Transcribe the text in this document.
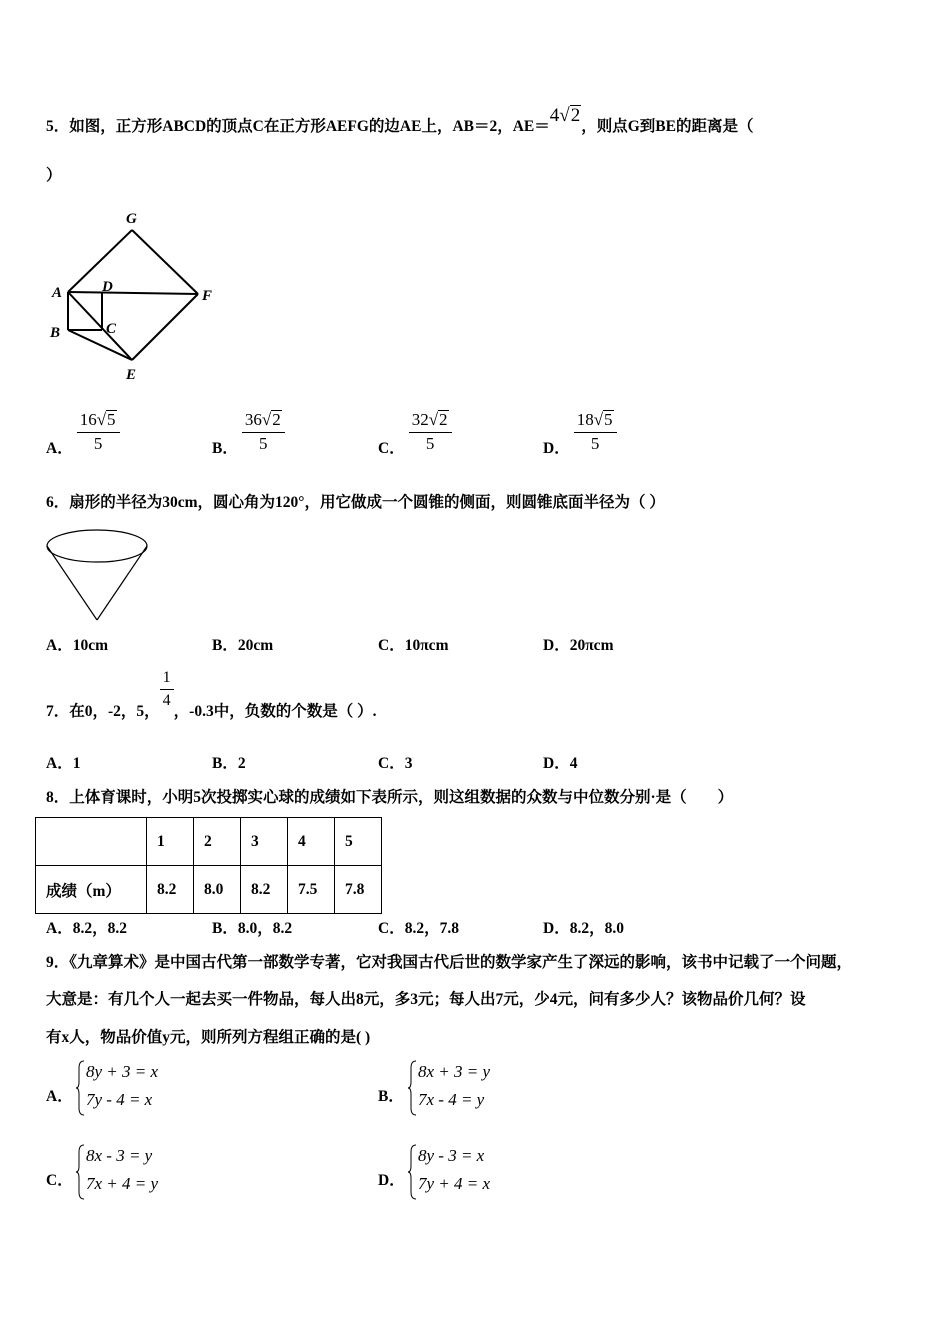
5．如图，正方形ABCD的顶点C在正方形AEFG的边AE上，AB＝2，AE＝4√2，则点G到BE的距离是（
）
G
A	D
F
B	C
E
A． $\frac{16√5}{5}$	B． $\frac{36√2}{5}$	C． $\frac{32√2}{5}$	D． $\frac{18√5}{5}$
6．扇形的半径为30cm，圆心角为120°，用它做成一个圆锥的侧面，则圆锥底面半径为（ ）
A．10cm	B．20cm	C．10πcm	D．20πcm
7．在0，-2，5，
$\frac{1}{4}$
，-0.3中，负数的个数是（ ）.
A．1	B．2	C．3	D．4
8．上体育课时，小明5次投掷实心球的成绩如下表所示，则这组数据的众数与中位数分别·是（　　）
	1	2	3	4	5
成绩（m）	8.2	8.0	8.2	7.5	7.8
A．8.2，8.2	B．8.0，8.2	C．8.2，7.8	D．8.2，8.0
9．《九章算术》是中国古代第一部数学专著，它对我国古代后世的数学家产生了深远的影响，该书中记载了一个问题，
大意是：有几个人一起去买一件物品，每人出8元，多3元；每人出7元，少4元，问有多少人？该物品价几何？设
有x人，物品价值y元，则所列方程组正确的是( )
A．
8y + 3 = x
7y - 4 = x	B．
8x + 3 = y
7x - 4 = y
C．
8x - 3 = y
7x + 4 = y	D．
8y - 3 = x
7y + 4 = x
